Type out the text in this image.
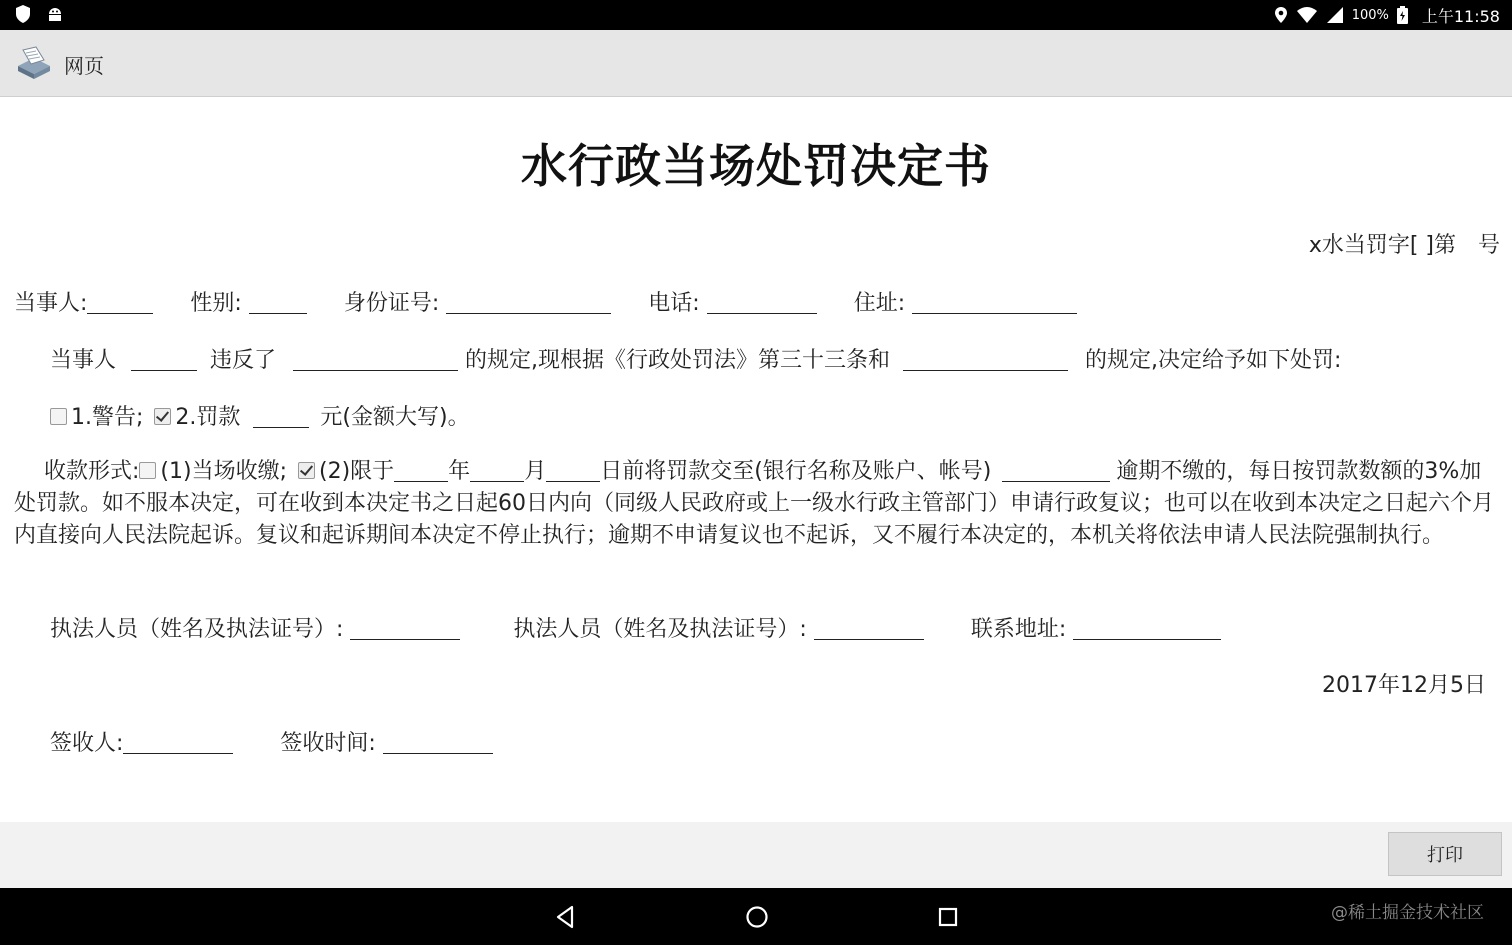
100% 上午11:58
网页
水行政当场处罚决定书
x水当罚字[ ]第　号
当事人:	性别:	身份证号:	电话:	住址:
当事人	违反了	的规定,现根据《行政处罚法》第三十三条和	的规定,决定给予如下处罚:
1.警告; 2.罚款	元(金额大写)。
收款形式: (1)当场收缴; (2)限于 年 月 日前将罚款交至(银行名称及账户、帐号)	逾期不缴的，每日按罚款数额的3%加处罚款。如不服本决定，可在收到本决定书之日起60日内向（同级人民政府或上一级水行政主管部门）申请行政复议；也可以在收到本决定之日起六个月内直接向人民法院起诉。复议和起诉期间本决定不停止执行；逾期不申请复议也不起诉，又不履行本决定的，本机关将依法申请人民法院强制执行。
执法人员（姓名及执法证号）:	执法人员（姓名及执法证号）:	联系地址:
2017年12月5日
签收人:	签收时间:
打印
@稀土掘金技术社区
